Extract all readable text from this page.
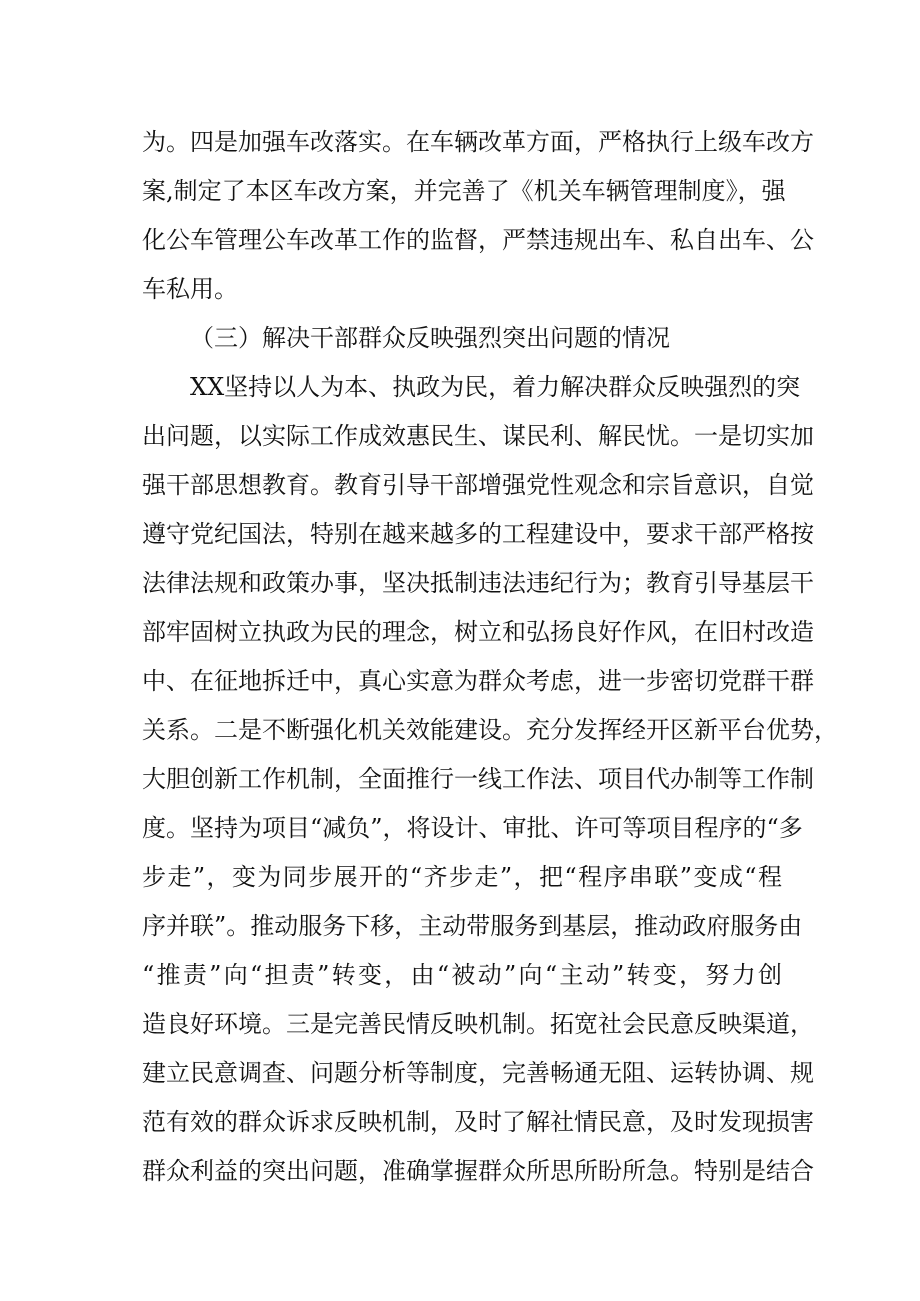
为。四是加强车改落实。在车辆改革方面，严格执行上级车改方
案,制定了本区车改方案，并完善了《机关车辆管理制度》，强
化公车管理公车改革工作的监督，严禁违规出车、私自出车、公
车私用。
（三）解决干部群众反映强烈突出问题的情况
XX坚持以人为本、执政为民，着力解决群众反映强烈的突
出问题，以实际工作成效惠民生、谋民利、解民忧。一是切实加
强干部思想教育。教育引导干部增强党性观念和宗旨意识，自觉
遵守党纪国法，特别在越来越多的工程建设中，要求干部严格按
法律法规和政策办事，坚决抵制违法违纪行为；教育引导基层干
部牢固树立执政为民的理念，树立和弘扬良好作风，在旧村改造
中、在征地拆迁中，真心实意为群众考虑，进一步密切党群干群
关系。二是不断强化机关效能建设。充分发挥经开区新平台优势，
大胆创新工作机制，全面推行一线工作法、项目代办制等工作制
度。坚持为项目“减负”，将设计、审批、许可等项目程序的“多
步走”，变为同步展开的“齐步走”，把“程序串联”变成“程
序并联”。推动服务下移，主动带服务到基层，推动政府服务由
“推责”向“担责”转变，由“被动”向“主动”转变，努力创
造良好环境。三是完善民情反映机制。拓宽社会民意反映渠道，
建立民意调查、问题分析等制度，完善畅通无阻、运转协调、规
范有效的群众诉求反映机制，及时了解社情民意，及时发现损害
群众利益的突出问题，准确掌握群众所思所盼所急。特别是结合
